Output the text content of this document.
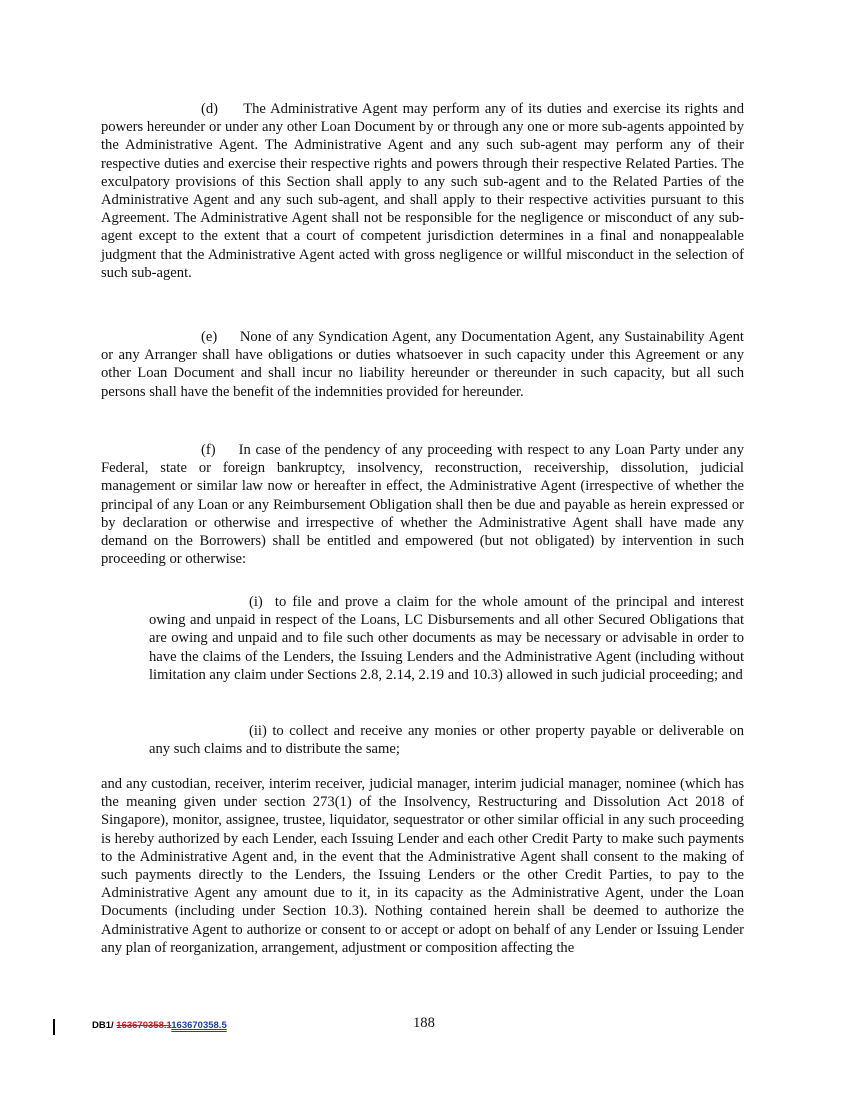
(d)     The Administrative Agent may perform any of its duties and exercise its rights and powers hereunder or under any other Loan Document by or through any one or more sub-agents appointed by the Administrative Agent. The Administrative Agent and any such sub-agent may perform any of their respective duties and exercise their respective rights and powers through their respective Related Parties. The exculpatory provisions of this Section shall apply to any such sub-agent and to the Related Parties of the Administrative Agent and any such sub-agent, and shall apply to their respective activities pursuant to this Agreement. The Administrative Agent shall not be responsible for the negligence or misconduct of any sub-agent except to the extent that a court of competent jurisdiction determines in a final and nonappealable judgment that the Administrative Agent acted with gross negligence or willful misconduct in the selection of such sub-agent.

(e)     None of any Syndication Agent, any Documentation Agent, any Sustainability Agent or any Arranger shall have obligations or duties whatsoever in such capacity under this Agreement or any other Loan Document and shall incur no liability hereunder or thereunder in such capacity, but all such persons shall have the benefit of the indemnities provided for hereunder.

(f)     In case of the pendency of any proceeding with respect to any Loan Party under any Federal, state or foreign bankruptcy, insolvency, reconstruction, receivership, dissolution, judicial management or similar law now or hereafter in effect, the Administrative Agent (irrespective of whether the principal of any Loan or any Reimbursement Obligation shall then be due and payable as herein expressed or by declaration or otherwise and irrespective of whether the Administrative Agent shall have made any demand on the Borrowers) shall be entitled and empowered (but not obligated) by intervention in such proceeding or otherwise:

(i)  to file and prove a claim for the whole amount of the principal and interest owing and unpaid in respect of the Loans, LC Disbursements and all other Secured Obligations that are owing and unpaid and to file such other documents as may be necessary or advisable in order to have the claims of the Lenders, the Issuing Lenders and the Administrative Agent (including without limitation any claim under Sections 2.8, 2.14, 2.19 and 10.3) allowed in such judicial proceeding; and

(ii) to collect and receive any monies or other property payable or deliverable on any such claims and to distribute the same;

and any custodian, receiver, interim receiver, judicial manager, interim judicial manager, nominee (which has the meaning given under section 273(1) of the Insolvency, Restructuring and Dissolution Act 2018 of Singapore), monitor, assignee, trustee, liquidator, sequestrator or other similar official in any such proceeding is hereby authorized by each Lender, each Issuing Lender and each other Credit Party to make such payments to the Administrative Agent and, in the event that the Administrative Agent shall consent to the making of such payments directly to the Lenders, the Issuing Lenders or the other Credit Parties, to pay to the Administrative Agent any amount due to it, in its capacity as the Administrative Agent, under the Loan Documents (including under Section 10.3). Nothing contained herein shall be deemed to authorize the Administrative Agent to authorize or consent to or accept or adopt on behalf of any Lender or Issuing Lender any plan of reorganization, arrangement, adjustment or composition affecting the

DB1/ 163670358.1163670358.5	188
